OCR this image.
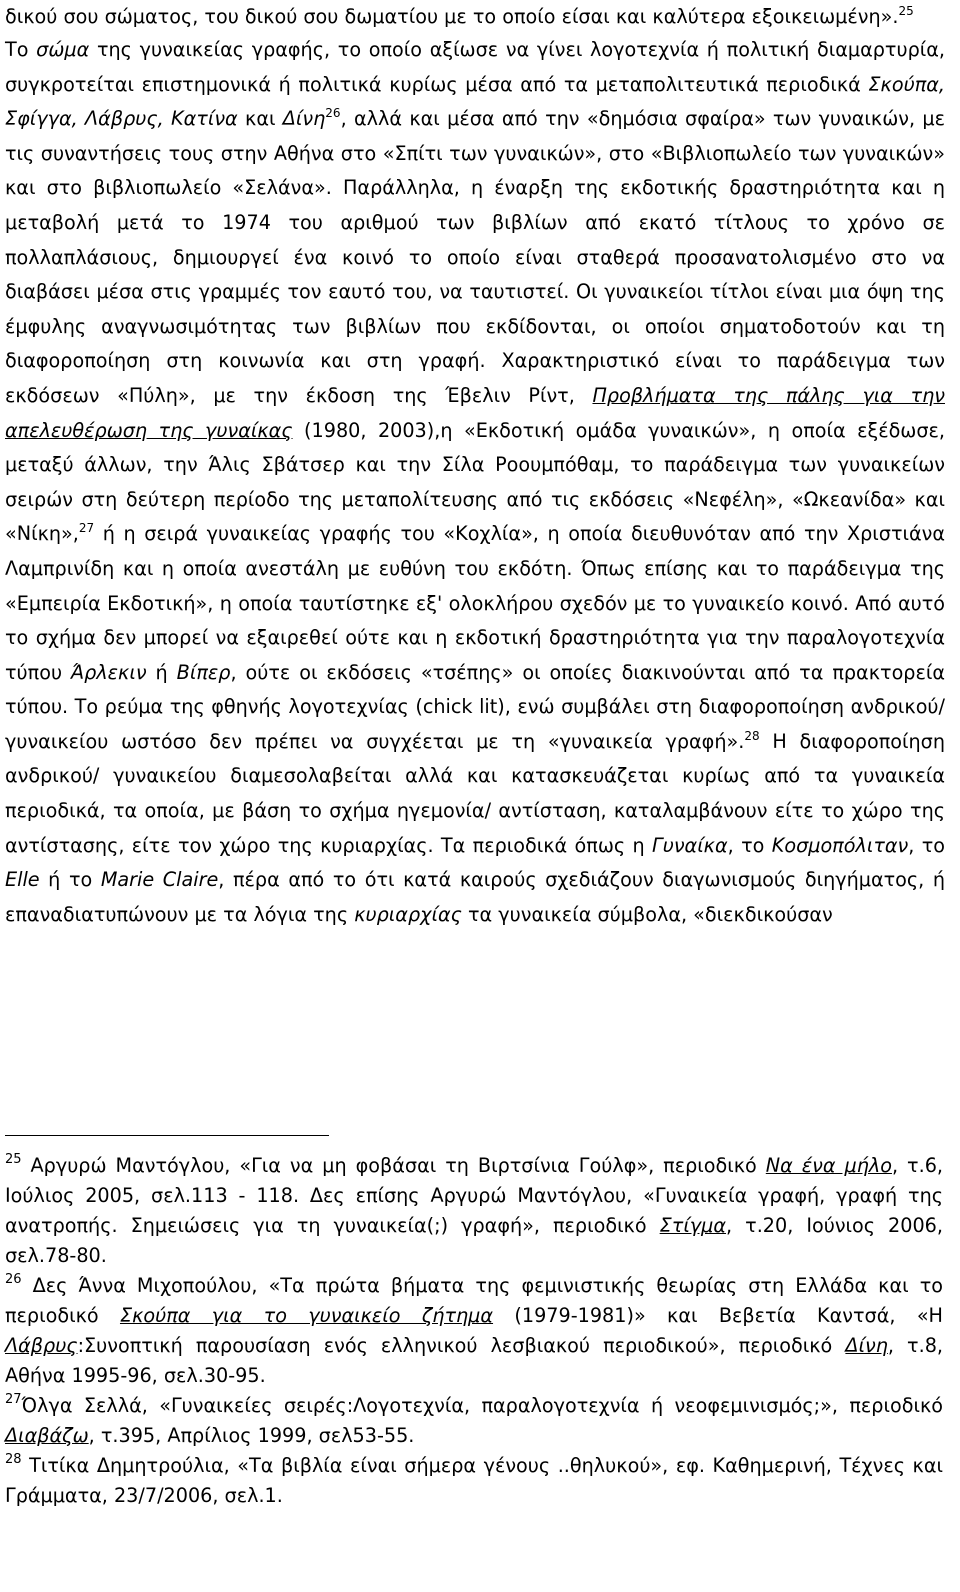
δικού σου σώματος, του δικού σου δωματίου με το οποίο είσαι και καλύτερα εξοικειωμένη».$^{25}$

Το σώμα της γυναικείας γραφής, το οποίο αξίωσε να γίνει λογοτεχνία ή πολιτική διαμαρτυρία, συγκροτείται επιστημονικά ή πολιτικά κυρίως μέσα από τα μεταπολιτευτικά περιοδικά Σκούπα, Σφίγγα, Λάβρυς, Κατίνα και Δίνη$^{26}$, αλλά και μέσα από την «δημόσια σφαίρα» των γυναικών, με τις συναντήσεις τους στην Αθήνα στο «Σπίτι των γυναικών», στο «Βιβλιοπωλείο των γυναικών» και στο βιβλιοπωλείο «Σελάνα». Παράλληλα, η έναρξη της εκδοτικής δραστηριότητα και η μεταβολή μετά το 1974 του αριθμού των βιβλίων από εκατό τίτλους το χρόνο σε πολλαπλάσιους, δημιουργεί ένα κοινό το οποίο είναι σταθερά προσανατολισμένο στο να διαβάσει μέσα στις γραμμές τον εαυτό του, να ταυτιστεί. Οι γυναικείοι τίτλοι είναι μια όψη της έμφυλης αναγνωσιμότητας των βιβλίων που εκδίδονται, οι οποίοι σηματοδοτούν και τη διαφοροποίηση στη κοινωνία και στη γραφή. Χαρακτηριστικό είναι το παράδειγμα των εκδόσεων «Πύλη», με την έκδοση της Έβελιν Ρίντ, Προβλήματα της πάλης για την απελευθέρωση της γυναίκας (1980, 2003),η «Εκδοτική ομάδα γυναικών», η οποία εξέδωσε, μεταξύ άλλων, την Άλις Σβάτσερ και την Σίλα Ροουμπόθαμ, το παράδειγμα των γυναικείων σειρών στη δεύτερη περίοδο της μεταπολίτευσης από τις εκδόσεις «Νεφέλη», «Ωκεανίδα» και «Νίκη»,$^{27}$ ή η σειρά γυναικείας γραφής του «Κοχλία», η οποία διευθυνόταν από την Χριστιάνα Λαμπρινίδη και η οποία ανεστάλη με ευθύνη του εκδότη. Όπως επίσης και το παράδειγμα της «Εμπειρία Εκδοτική», η οποία ταυτίστηκε εξ' ολοκλήρου σχεδόν με το γυναικείο κοινό. Από αυτό το σχήμα δεν μπορεί να εξαιρεθεί ούτε και η εκδοτική δραστηριότητα για την παραλογοτεχνία τύπου Άρλεκιν ή Βίπερ, ούτε οι εκδόσεις «τσέπης» οι οποίες διακινούνται από τα πρακτορεία τύπου. Το ρεύμα της φθηνής λογοτεχνίας (chick lit), ενώ συμβάλει στη διαφοροποίηση ανδρικού/ γυναικείου ωστόσο δεν πρέπει να συγχέεται με τη «γυναικεία γραφή».$^{28}$ Η διαφοροποίηση ανδρικού/ γυναικείου διαμεσολαβείται αλλά και κατασκευάζεται κυρίως από τα γυναικεία περιοδικά, τα οποία, με βάση το σχήμα ηγεμονία/ αντίσταση, καταλαμβάνουν είτε το χώρο της αντίστασης, είτε τον χώρο της κυριαρχίας. Τα περιοδικά όπως η Γυναίκα, το Κοσμοπόλιταν, το Elle ή το Marie Claire, πέρα από το ότι κατά καιρούς σχεδιάζουν διαγωνισμούς διηγήματος, ή επαναδιατυπώνουν με τα λόγια της κυριαρχίας τα γυναικεία σύμβολα, «διεκδικούσαν

$^{25}$ Αργυρώ Μαντόγλου, «Για να μη φοβάσαι τη Βιρτσίνια Γούλφ», περιοδικό Να ένα μήλο, τ.6, Ιούλιος 2005, σελ.113 - 118. Δες επίσης Αργυρώ Μαντόγλου, «Γυναικεία γραφή, γραφή της ανατροπής. Σημειώσεις για τη γυναικεία(;) γραφή», περιοδικό Στίγμα, τ.20, Ιούνιος 2006, σελ.78-80.

$^{26}$ Δες Άννα Μιχοπούλου, «Τα πρώτα βήματα της φεμινιστικής θεωρίας στη Ελλάδα και το περιοδικό Σκούπα για το γυναικείο ζήτημα (1979-1981)» και Βεβετία Καντσά, «Η Λάβρυς:Συνοπτική παρουσίαση ενός ελληνικού λεσβιακού περιοδικού», περιοδικό Δίνη, τ.8, Αθήνα 1995-96, σελ.30-95.

$^{27}$Όλγα Σελλά, «Γυναικείες σειρές:Λογοτεχνία, παραλογοτεχνία ή νεοφεμινισμός;», περιοδικό Διαβάζω, τ.395, Απρίλιος 1999, σελ53-55.

$^{28}$ Τιτίκα Δημητρούλια, «Τα βιβλία είναι σήμερα γένους ..θηλυκού», εφ. Καθημερινή, Τέχνες και Γράμματα, 23/7/2006, σελ.1.
